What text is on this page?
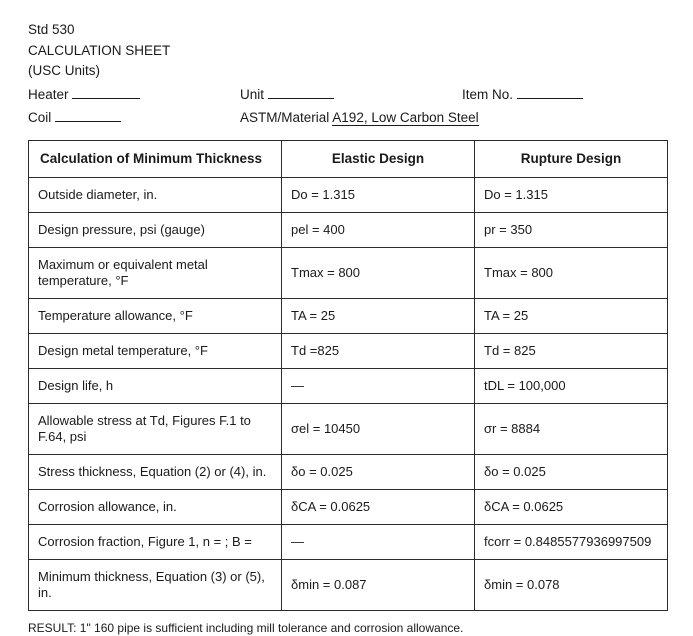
Std 530
CALCULATION SHEET
(USC Units)
Heater	Unit	Item No.
Coil	ASTM/Material A192, Low Carbon Steel
Calculation of Minimum Thickness	Elastic Design	Rupture Design
Outside diameter, in.	Do = 1.315	Do = 1.315
Design pressure, psi (gauge)	pel = 400	pr = 350
Maximum or equivalent metal temperature, °F	Tmax = 800	Tmax = 800
Temperature allowance, °F	TA = 25	TA = 25
Design metal temperature, °F	Td =825	Td = 825
Design life, h	—	tDL = 100,000
Allowable stress at Td, Figures F.1 to F.64, psi	σel = 10450	σr = 8884
Stress thickness, Equation (2) or (4), in.	δo = 0.025	δo = 0.025
Corrosion allowance, in.	δCA = 0.0625	δCA = 0.0625
Corrosion fraction, Figure 1, n = ; B =	—	fcorr = 0.8485577936997509
Minimum thickness, Equation (3) or (5), in.	δmin = 0.087	δmin = 0.078
RESULT: 1" 160 pipe is sufficient including mill tolerance and corrosion allowance.
